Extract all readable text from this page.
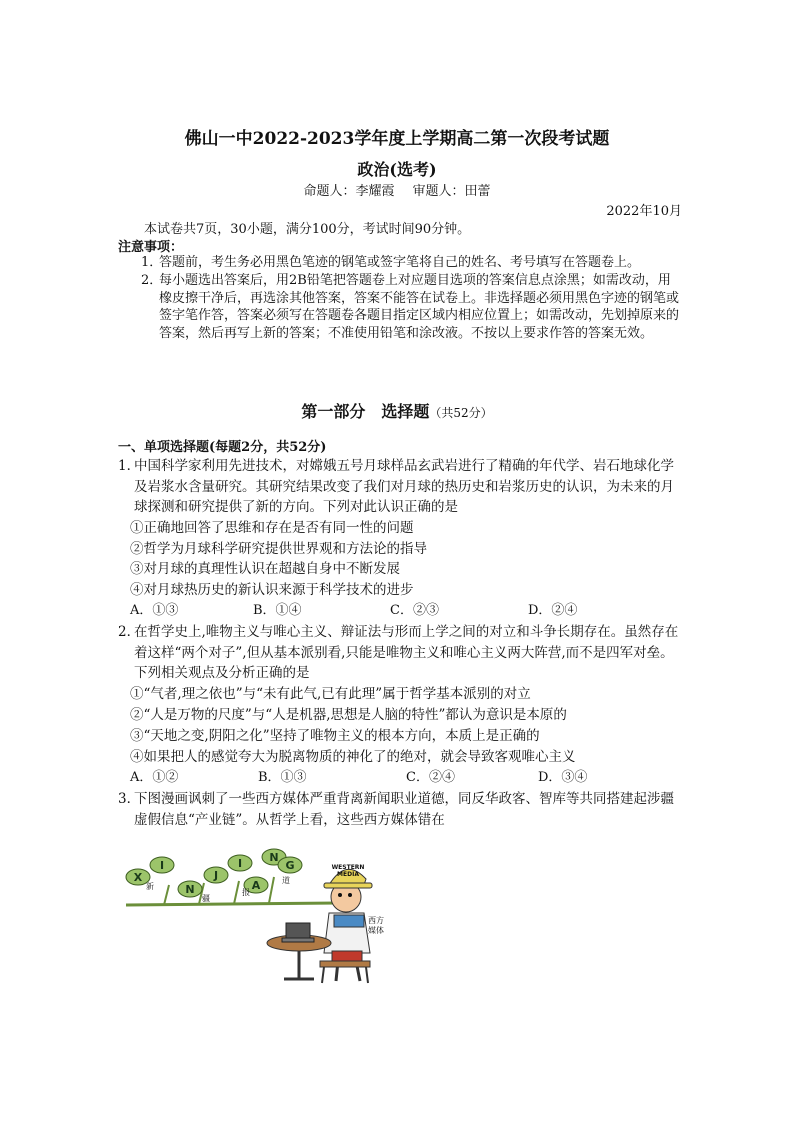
佛山一中2022-2023学年度上学期高二第一次段考试题
政治(选考)
命题人：李耀霞 审题人：田蕾
2022年10月
本试卷共7页，30小题，满分100分，考试时间90分钟。
注意事项：
1．
答题前，考生务必用黑色笔迹的钢笔或签字笔将自己的姓名、考号填写在答题卷上。
2．
每小题选出答案后，用2B铅笔把答题卷上对应题目选项的答案信息点涂黑；如需改动，用橡皮擦干净后，再选涂其他答案，答案不能答在试卷上。非选择题必须用黑色字迹的钢笔或签字笔作答，答案必须写在答题卷各题目指定区域内相应位置上；如需改动，先划掉原来的答案，然后再写上新的答案；不准使用铅笔和涂改液。不按以上要求作答的答案无效。
第一部分　选择题（共52分）
一、单项选择题(每题2分，共52分)
1．
中国科学家利用先进技术，对嫦娥五号月球样品玄武岩进行了精确的年代学、岩石地球化学及岩浆水含量研究。其研究结果改变了我们对月球的热历史和岩浆历史的认识，为未来的月球探测和研究提供了新的方向。下列对此认识正确的是
①正确地回答了思维和存在是否有同一性的问题
②哲学为月球科学研究提供世界观和方法论的指导
③对月球的真理性认识在超越自身中不断发展
④对月球热历史的新认识来源于科学技术的进步
A．①③	B．①④	C．②③	D．②④
2．
在哲学史上,唯物主义与唯心主义、辩证法与形而上学之间的对立和斗争长期存在。虽然存在着这样“两个对子”,但从基本派别看,只能是唯物主义和唯心主义两大阵营,而不是四军对垒。下列相关观点及分析正确的是
①“气者,理之依也”与“未有此气,已有此理”属于哲学基本派别的对立
②“人是万物的尺度”与“人是机器,思想是人脑的特性”都认为意识是本原的
③“天地之变,阴阳之化”坚持了唯物主义的根本方向，本质上是正确的
④如果把人的感觉夸大为脱离物质的神化了的绝对，就会导致客观唯心主义
A．①②	B．①③	C．②④	D．③④
3．
下图漫画讽刺了一些西方媒体严重背离新闻职业道德，同反华政客、智库等共同搭建起涉疆虚假信息“产业链”。从哲学上看，这些西方媒体错在
X
I
N
J
I
A
N
G
新
疆
报
道
WESTERN
MEDIA
西方
媒体
